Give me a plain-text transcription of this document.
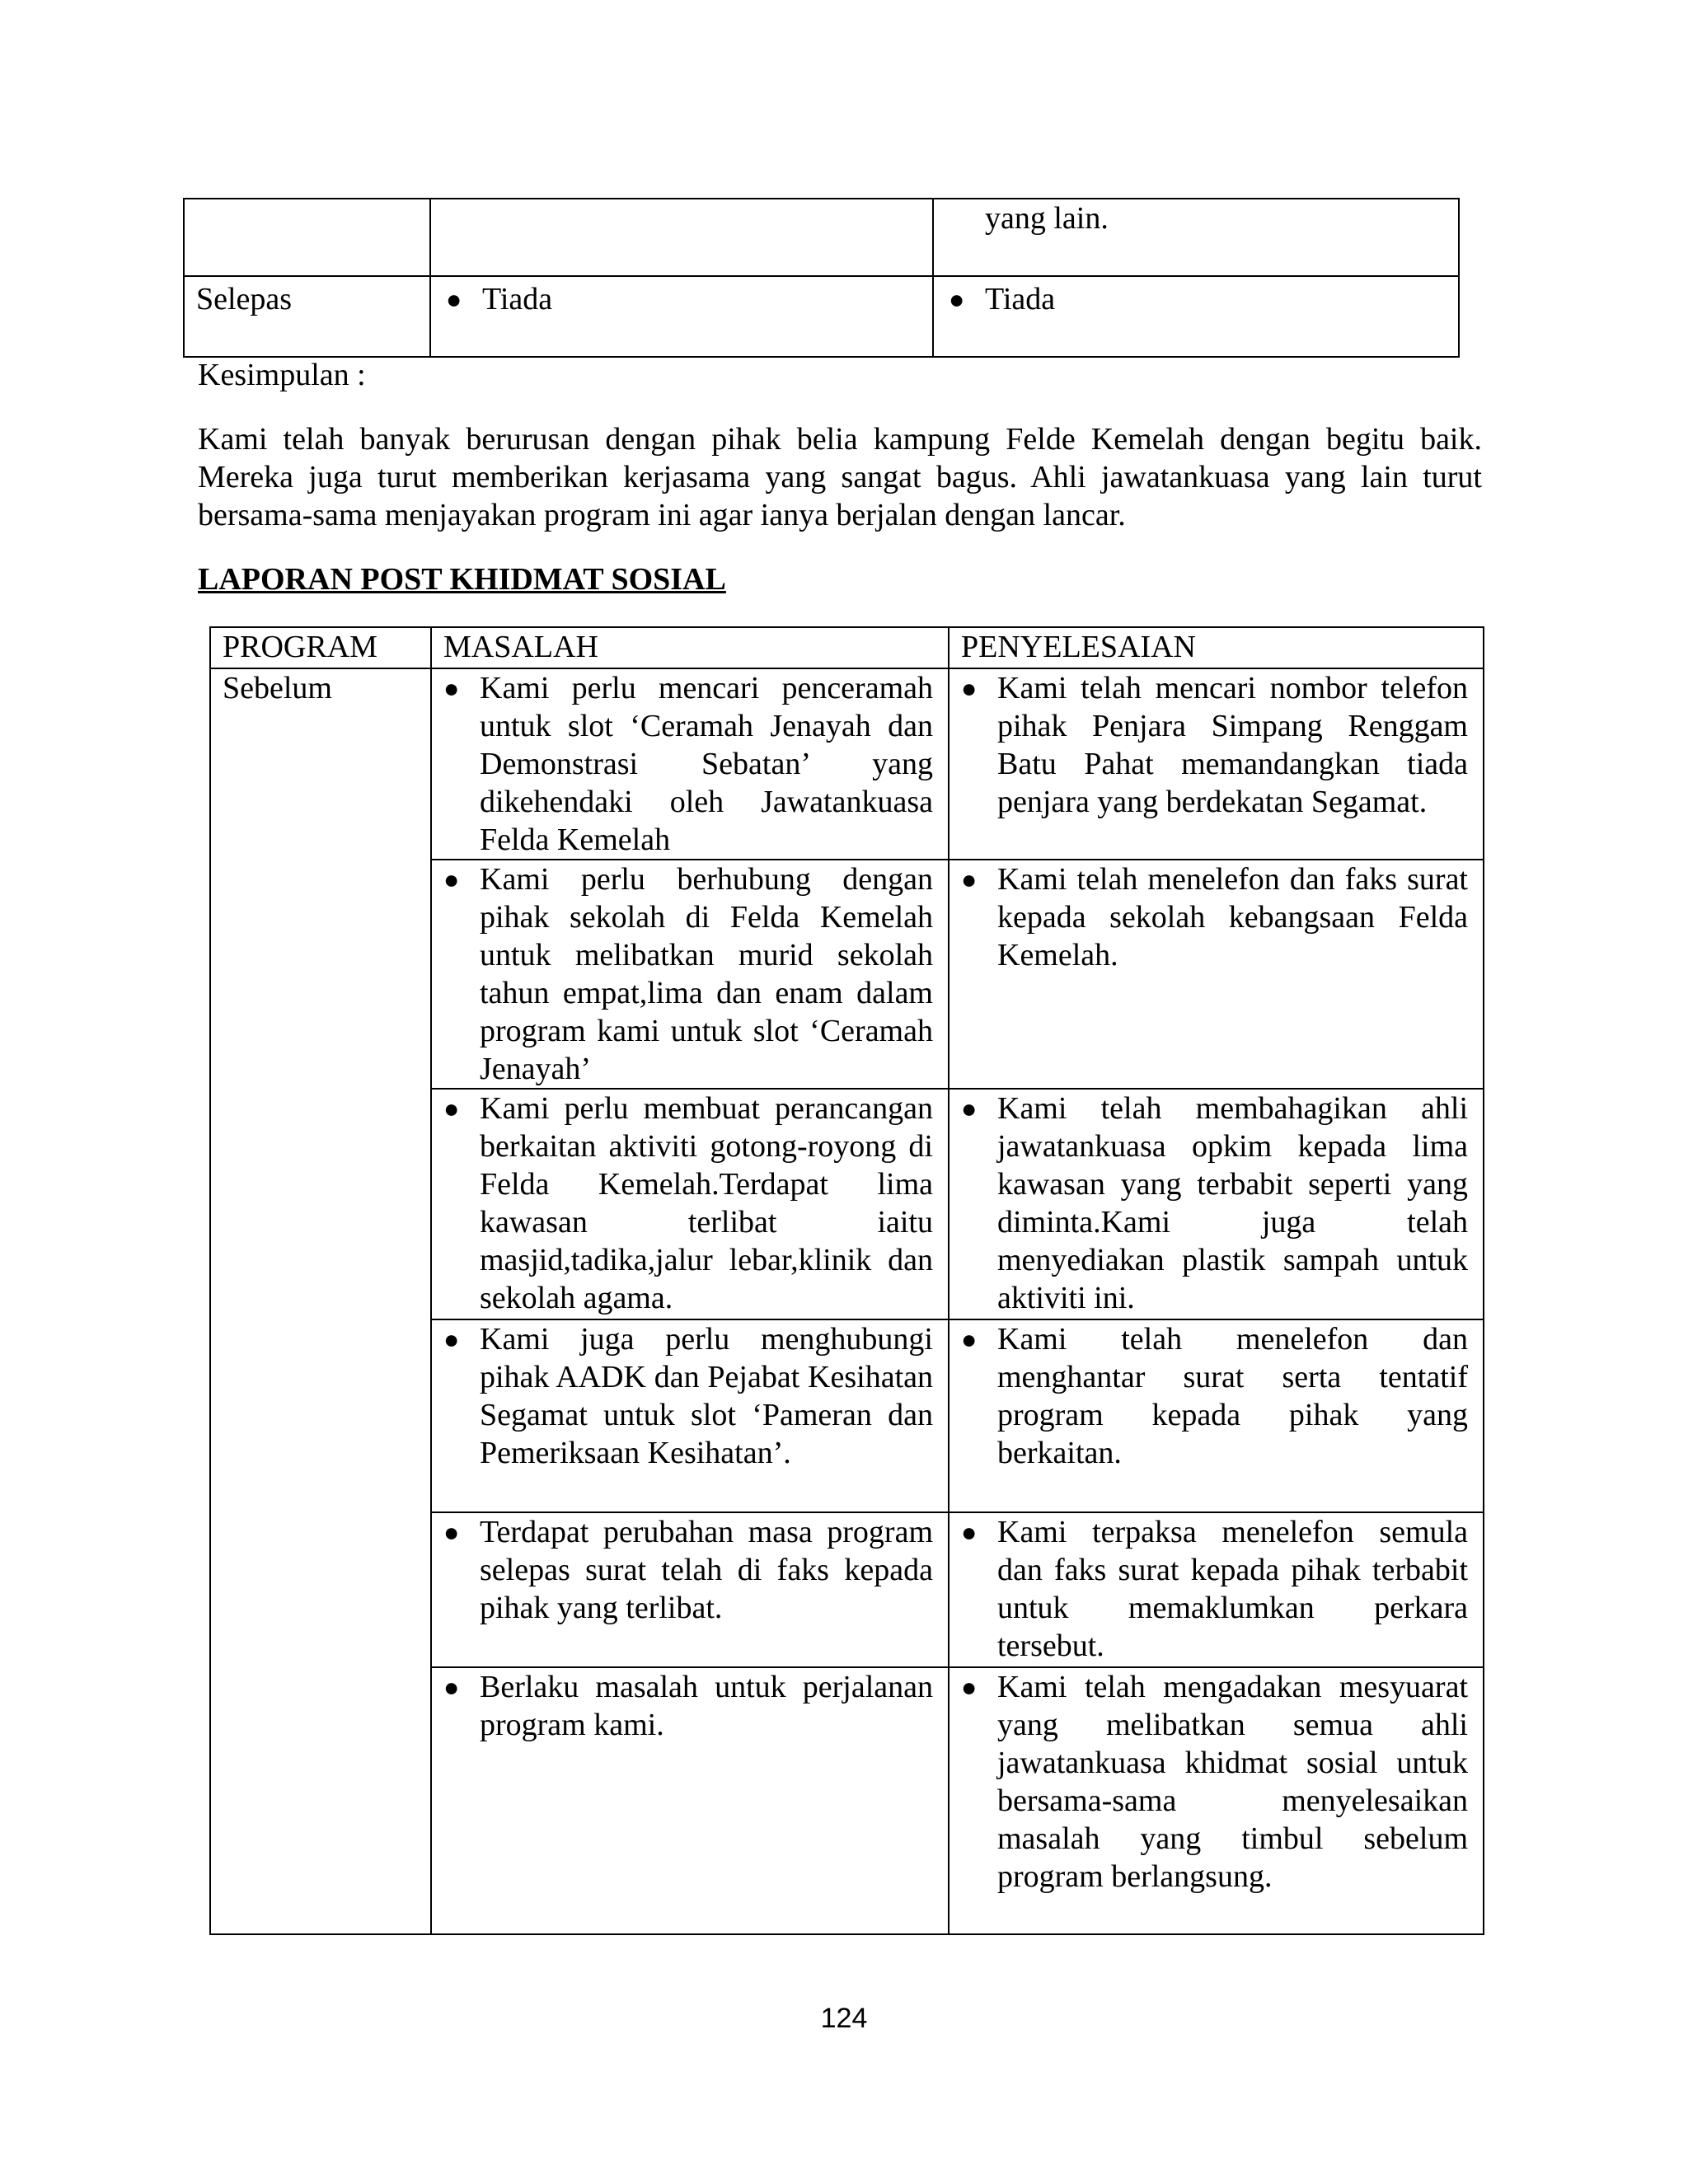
		yang lain.
Selepas	● Tiada	● Tiada
Kesimpulan :
Kami telah banyak berurusan dengan pihak belia kampung Felde Kemelah dengan begitu baik. Mereka juga turut memberikan kerjasama yang sangat bagus. Ahli jawatankuasa yang lain turut bersama-sama menjayakan program ini agar ianya berjalan dengan lancar.
LAPORAN POST KHIDMAT SOSIAL
PROGRAM	MASALAH	PENYELESAIAN
Sebelum	● Kami perlu mencari penceramah untuk slot ‘Ceramah Jenayah dan Demonstrasi Sebatan’ yang dikehendaki oleh Jawatankuasa Felda Kemelah	● Kami telah mencari nombor telefon pihak Penjara Simpang Renggam Batu Pahat memandangkan tiada penjara yang berdekatan Segamat.

	● Kami perlu berhubung dengan pihak sekolah di Felda Kemelah untuk melibatkan murid sekolah tahun empat,lima dan enam dalam program kami untuk slot ‘Ceramah Jenayah’	● Kami telah menelefon dan faks surat kepada sekolah kebangsaan Felda Kemelah.

	● Kami perlu membuat perancangan berkaitan aktiviti gotong-royong di Felda Kemelah.Terdapat lima kawasan terlibat iaitu masjid,tadika,jalur lebar,klinik dan sekolah agama.	● Kami telah membahagikan ahli jawatankuasa opkim kepada lima kawasan yang terbabit seperti yang diminta.Kami juga telah menyediakan plastik sampah untuk aktiviti ini.

	● Kami juga perlu menghubungi pihak AADK dan Pejabat Kesihatan Segamat untuk slot ‘Pameran dan Pemeriksaan Kesihatan’.	● Kami telah menelefon dan menghantar surat serta tentatif program kepada pihak yang berkaitan.

	● Terdapat perubahan masa program selepas surat telah di faks kepada pihak yang terlibat.	● Kami terpaksa menelefon semula dan faks surat kepada pihak terbabit untuk memaklumkan perkara tersebut.

	● Berlaku masalah untuk perjalanan program kami.	● Kami telah mengadakan mesyuarat yang melibatkan semua ahli jawatankuasa khidmat sosial untuk bersama-sama menyelesaikan masalah yang timbul sebelum program berlangsung.
124
